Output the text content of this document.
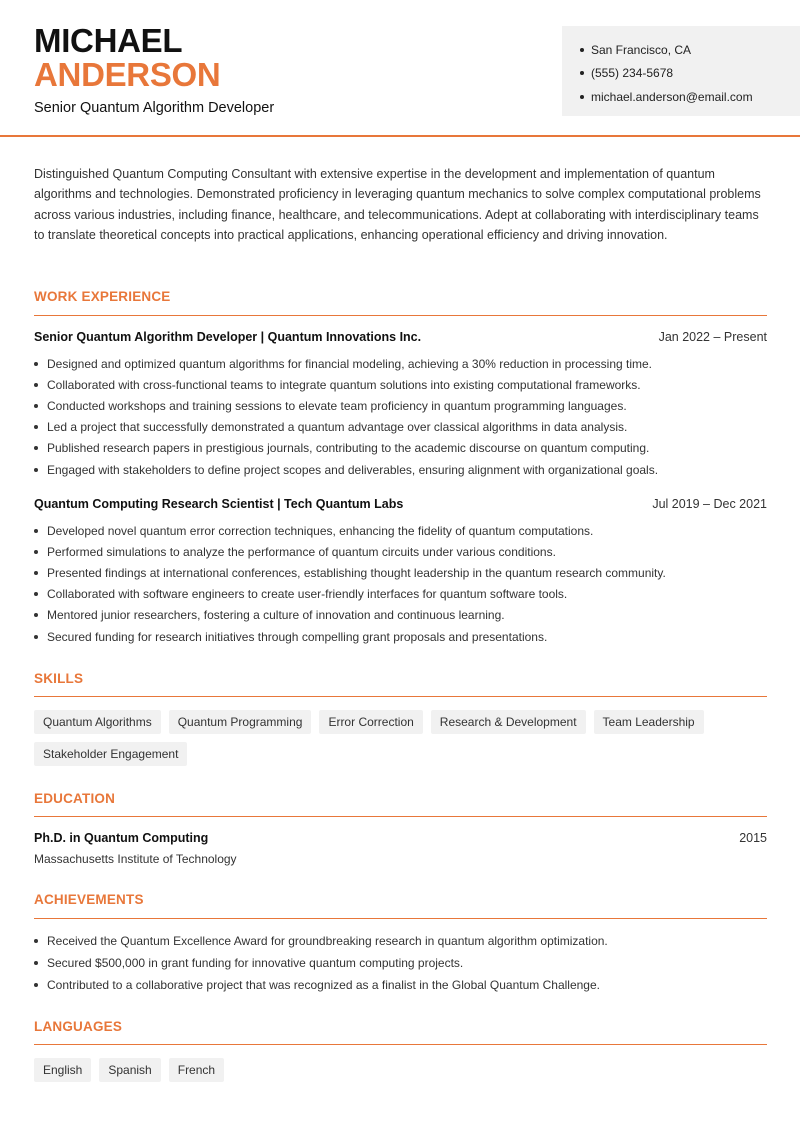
MICHAEL
ANDERSON
Senior Quantum Algorithm Developer
San Francisco, CA
(555) 234-5678
michael.anderson@email.com

Distinguished Quantum Computing Consultant with extensive expertise in the development and implementation of quantum algorithms and technologies. Demonstrated proficiency in leveraging quantum mechanics to solve complex computational problems across various industries, including finance, healthcare, and telecommunications. Adept at collaborating with interdisciplinary teams to translate theoretical concepts into practical applications, enhancing operational efficiency and driving innovation.

WORK EXPERIENCE
Senior Quantum Algorithm Developer | Quantum Innovations Inc.	Jan 2022 – Present
Designed and optimized quantum algorithms for financial modeling, achieving a 30% reduction in processing time.
Collaborated with cross-functional teams to integrate quantum solutions into existing computational frameworks.
Conducted workshops and training sessions to elevate team proficiency in quantum programming languages.
Led a project that successfully demonstrated a quantum advantage over classical algorithms in data analysis.
Published research papers in prestigious journals, contributing to the academic discourse on quantum computing.
Engaged with stakeholders to define project scopes and deliverables, ensuring alignment with organizational goals.
Quantum Computing Research Scientist | Tech Quantum Labs	Jul 2019 – Dec 2021
Developed novel quantum error correction techniques, enhancing the fidelity of quantum computations.
Performed simulations to analyze the performance of quantum circuits under various conditions.
Presented findings at international conferences, establishing thought leadership in the quantum research community.
Collaborated with software engineers to create user-friendly interfaces for quantum software tools.
Mentored junior researchers, fostering a culture of innovation and continuous learning.
Secured funding for research initiatives through compelling grant proposals and presentations.
SKILLS
Quantum Algorithms	Quantum Programming	Error Correction	Research & Development	Team Leadership
Stakeholder Engagement
EDUCATION
Ph.D. in Quantum Computing	2015
Massachusetts Institute of Technology
ACHIEVEMENTS
Received the Quantum Excellence Award for groundbreaking research in quantum algorithm optimization.
Secured $500,000 in grant funding for innovative quantum computing projects.
Contributed to a collaborative project that was recognized as a finalist in the Global Quantum Challenge.
LANGUAGES
English	Spanish	French
